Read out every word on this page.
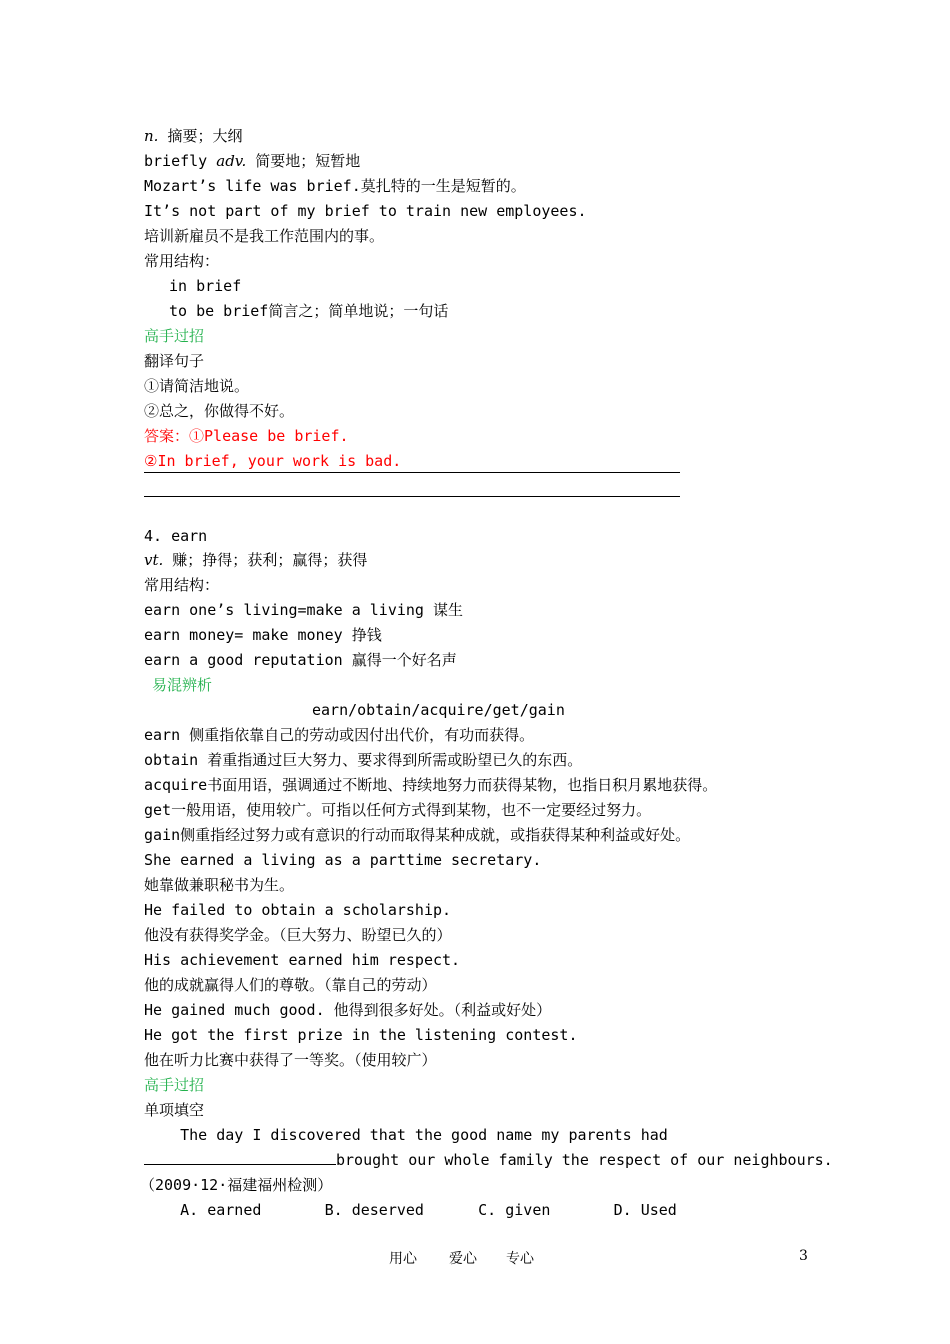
n. 摘要；大纲
briefly adv. 简要地；短暂地
Mozart’s life was brief.莫扎特的一生是短暂的。
It’s not part of my brief to train new employees.
培训新雇员不是我工作范围内的事。
常用结构：
in brief
to be brief简言之；简单地说；一句话
高手过招
翻译句子
①请简洁地说。
②总之，你做得不好。
答案：①Please be brief.
②In brief, your work is bad.
4. earn
vt. 赚；挣得；获利；赢得；获得
常用结构：
earn one’s living=make a living 谋生
earn money= make money 挣钱
earn a good reputation 赢得一个好名声
易混辨析
earn/obtain/acquire/get/gain
earn 侧重指依靠自己的劳动或因付出代价，有功而获得。
obtain 着重指通过巨大努力、要求得到所需或盼望已久的东西。
acquire书面用语，强调通过不断地、持续地努力而获得某物，也指日积月累地获得。
get一般用语，使用较广。可指以任何方式得到某物，也不一定要经过努力。
gain侧重指经过努力或有意识的行动而取得某种成就，或指获得某种利益或好处。
She earned a living as a parttime secretary.
她靠做兼职秘书为生。
He failed to obtain a scholarship.
他没有获得奖学金。（巨大努力、盼望已久的）
His achievement earned him respect.
他的成就赢得人们的尊敬。（靠自己的劳动）
He gained much good. 他得到很多好处。（利益或好处）
He got the first prize in the listening contest.
他在听力比赛中获得了一等奖。（使用较广）
高手过招
单项填空
The day I discovered that the good name my parents had
brought our whole family the respect of our neighbours.
（2009·12·福建福州检测）
A. earned       B. deserved      C. given       D. Used
用心 爱心 专心	3
